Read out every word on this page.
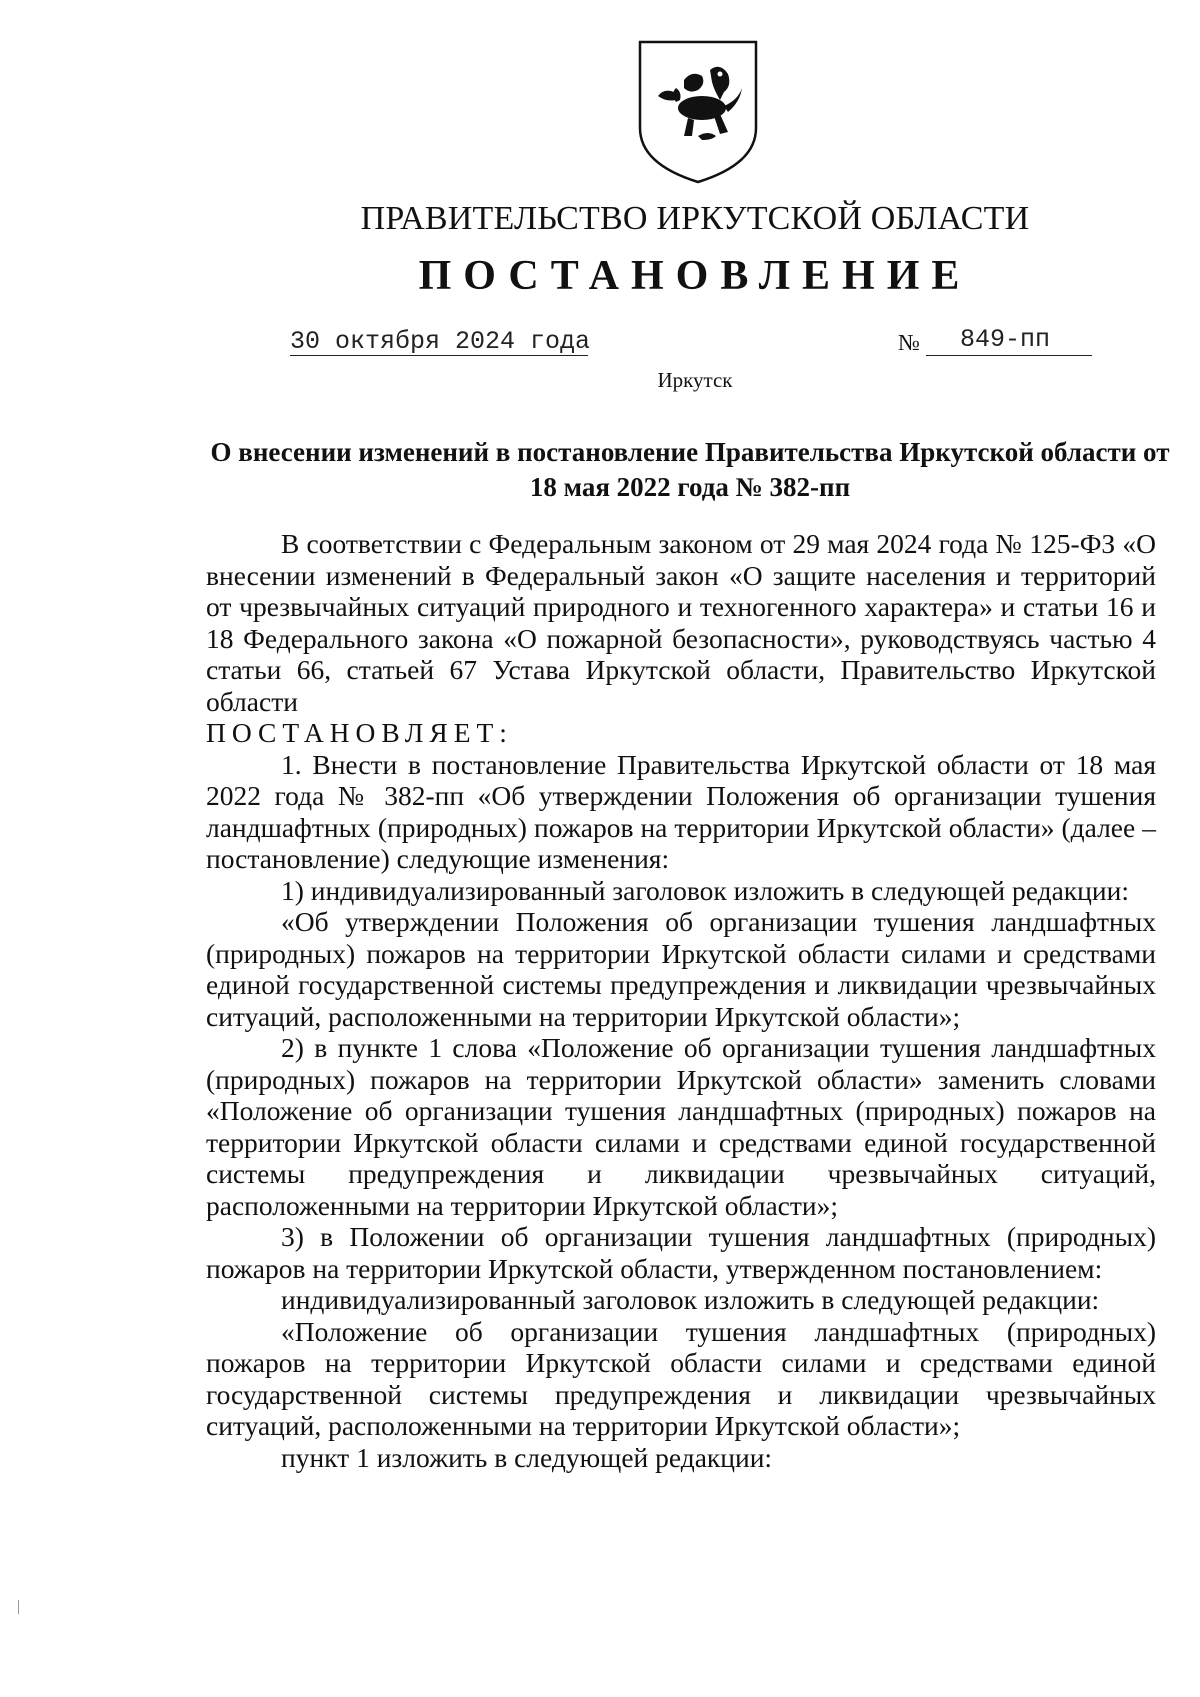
ПРАВИТЕЛЬСТВО ИРКУТСКОЙ ОБЛАСТИ
ПОСТАНОВЛЕНИЕ
30 октября 2024 года	№ 849-пп
Иркутск
О внесении изменений в постановление Правительства Иркутской области от 18 мая 2022 года № 382-пп

В соответствии с Федеральным законом от 29 мая 2024 года № 125-ФЗ «О внесении изменений в Федеральный закон «О защите населения и территорий от чрезвычайных ситуаций природного и техногенного характера» и статьи 16 и 18 Федерального закона «О пожарной безопасности», руководствуясь частью 4 статьи 66, статьей 67 Устава Иркутской области, Правительство Иркутской области

ПОСТАНОВЛЯЕТ:

1. Внести в постановление Правительства Иркутской области от 18 мая 2022 года № 382-пп «Об утверждении Положения об организации тушения ландшафтных (природных) пожаров на территории Иркутской области» (далее – постановление) следующие изменения:

1) индивидуализированный заголовок изложить в следующей редакции:

«Об утверждении Положения об организации тушения ландшафтных (природных) пожаров на территории Иркутской области силами и средствами единой государственной системы предупреждения и ликвидации чрезвычайных ситуаций, расположенными на территории Иркутской области»;

2) в пункте 1 слова «Положение об организации тушения ландшафтных (природных) пожаров на территории Иркутской области» заменить словами «Положение об организации тушения ландшафтных (природных) пожаров на территории Иркутской области силами и средствами единой государственной системы предупреждения и ликвидации чрезвычайных ситуаций, расположенными на территории Иркутской области»;

3) в Положении об организации тушения ландшафтных (природных) пожаров на территории Иркутской области, утвержденном постановлением:

индивидуализированный заголовок изложить в следующей редакции:

«Положение об организации тушения ландшафтных (природных) пожаров на территории Иркутской области силами и средствами единой государственной системы предупреждения и ликвидации чрезвычайных ситуаций, расположенными на территории Иркутской области»;

пункт 1 изложить в следующей редакции:
